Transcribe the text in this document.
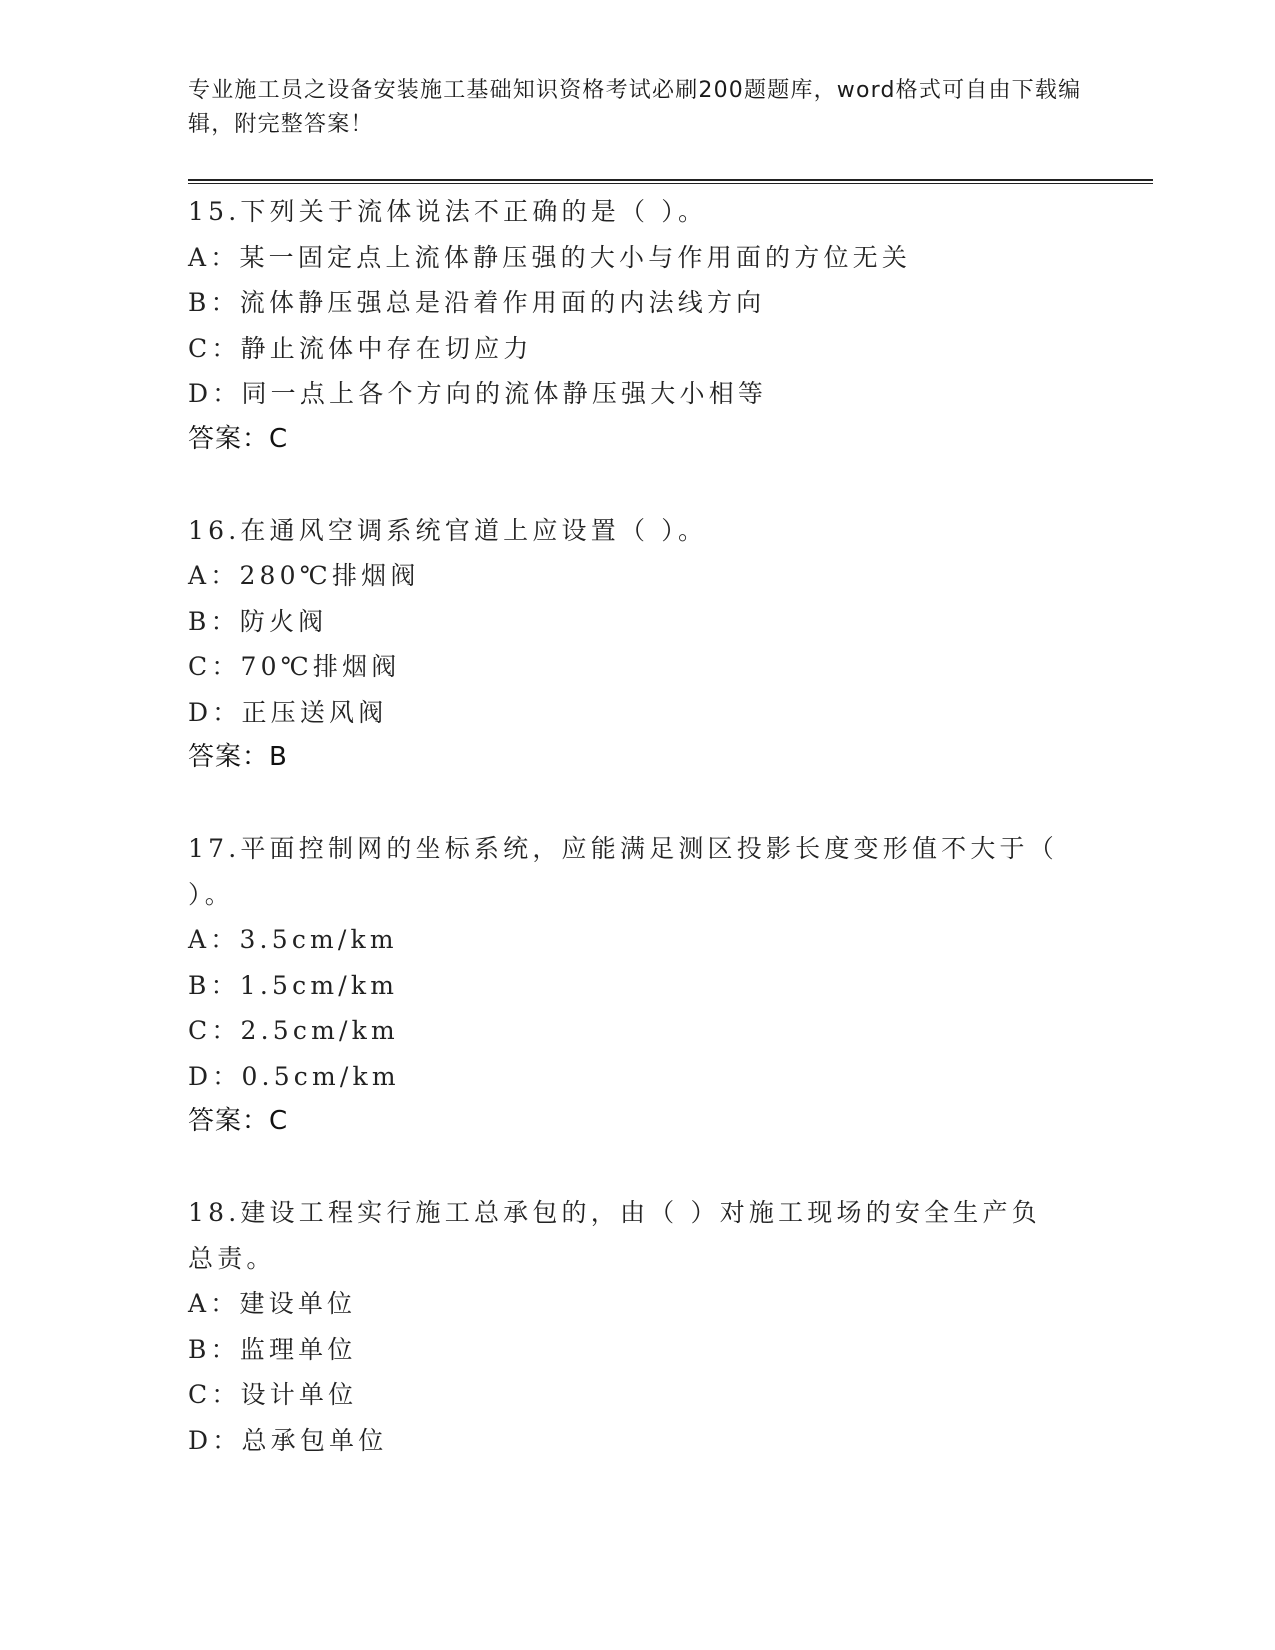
专业施工员之设备安装施工基础知识资格考试必刷200题题库，word格式可自由下载编辑，附完整答案！
15.下列关于流体说法不正确的是（ ）。
A：某一固定点上流体静压强的大小与作用面的方位无关
B：流体静压强总是沿着作用面的内法线方向
C：静止流体中存在切应力
D：同一点上各个方向的流体静压强大小相等
答案：C
16.在通风空调系统官道上应设置（ ）。
A：280℃排烟阀
B：防火阀
C：70℃排烟阀
D：正压送风阀
答案：B
17.平面控制网的坐标系统，应能满足测区投影长度变形值不大于（ ）。
A：3.5cm/km
B：1.5cm/km
C：2.5cm/km
D：0.5cm/km
答案：C
18.建设工程实行施工总承包的，由（ ）对施工现场的安全生产负总责。
A：建设单位
B：监理单位
C：设计单位
D：总承包单位
